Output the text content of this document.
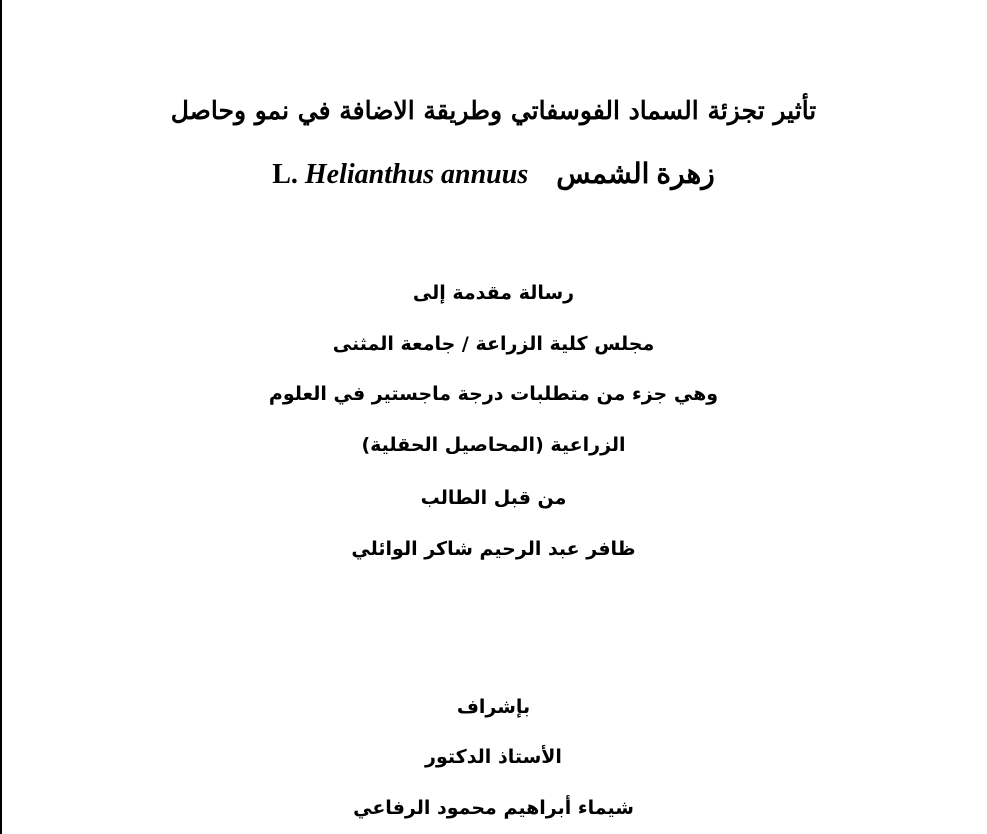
تأثير تجزئة السماد الفوسفاتي وطريقة الاضافة في نمو وحاصل
زهرة الشمس    Helianthus annuus L.
رسالة مقدمة إلى
مجلس كلية الزراعة / جامعة المثنى
وهي جزء من متطلبات درجة ماجستير في العلوم
الزراعية (المحاصيل الحقلية)
من قبل الطالب
ظافر عبد الرحيم شاكر الوائلي
بإشراف
الأستاذ الدكتور
شيماء أبراهيم محمود الرفاعي
